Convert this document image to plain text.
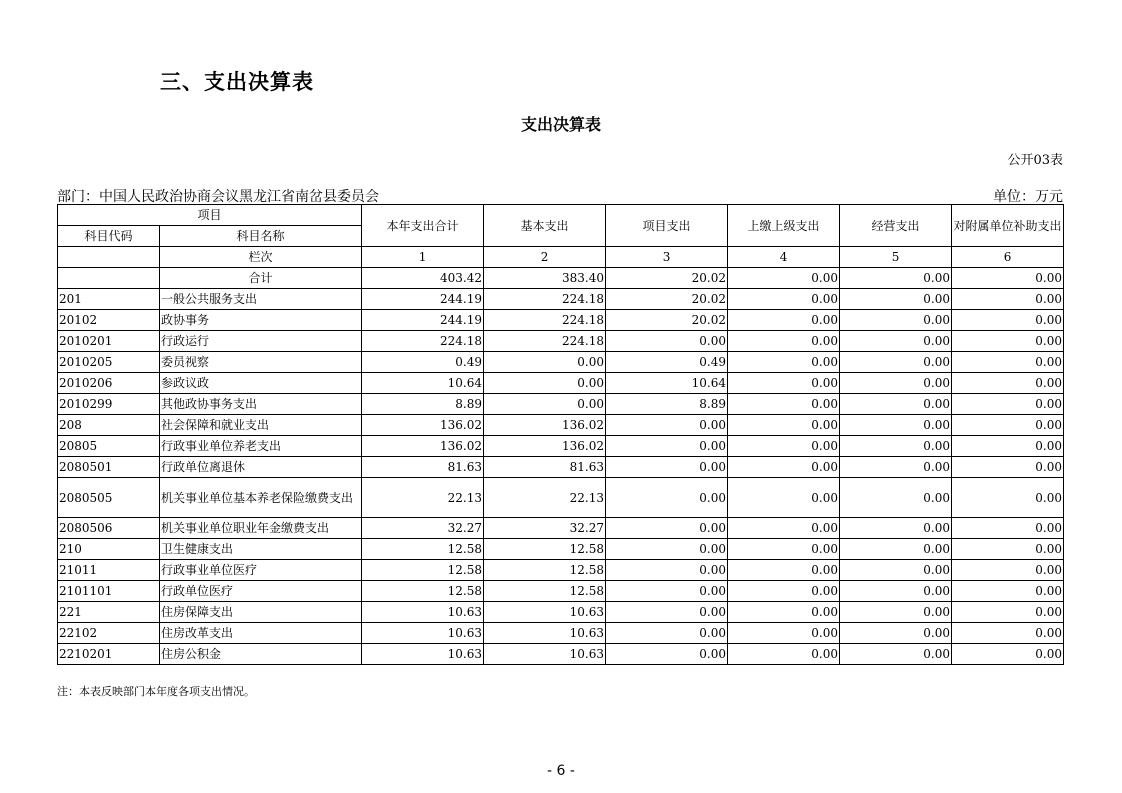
三、支出决算表
支出决算表
公开03表
部门：中国人民政治协商会议黑龙江省南岔县委员会	单位：万元
项目		本年支出合计	基本支出	项目支出	上缴上级支出	经营支出	对附属单位补助支出
科目代码	科目名称						
	栏次	1	2	3	4	5	6
	合计	403.42	383.40	20.02	0.00	0.00	0.00
201	一般公共服务支出	244.19	224.18	20.02	0.00	0.00	0.00
20102	政协事务	244.19	224.18	20.02	0.00	0.00	0.00
2010201	行政运行	224.18	224.18	0.00	0.00	0.00	0.00
2010205	委员视察	0.49	0.00	0.49	0.00	0.00	0.00
2010206	参政议政	10.64	0.00	10.64	0.00	0.00	0.00
2010299	其他政协事务支出	8.89	0.00	8.89	0.00	0.00	0.00
208	社会保障和就业支出	136.02	136.02	0.00	0.00	0.00	0.00
20805	行政事业单位养老支出	136.02	136.02	0.00	0.00	0.00	0.00
2080501	行政单位离退休	81.63	81.63	0.00	0.00	0.00	0.00
2080505	机关事业单位基本养老保险缴费支出	22.13	22.13	0.00	0.00	0.00	0.00
2080506	机关事业单位职业年金缴费支出	32.27	32.27	0.00	0.00	0.00	0.00
210	卫生健康支出	12.58	12.58	0.00	0.00	0.00	0.00
21011	行政事业单位医疗	12.58	12.58	0.00	0.00	0.00	0.00
2101101	行政单位医疗	12.58	12.58	0.00	0.00	0.00	0.00
221	住房保障支出	10.63	10.63	0.00	0.00	0.00	0.00
22102	住房改革支出	10.63	10.63	0.00	0.00	0.00	0.00
2210201	住房公积金	10.63	10.63	0.00	0.00	0.00	0.00
注：本表反映部门本年度各项支出情况。
- 6 -
